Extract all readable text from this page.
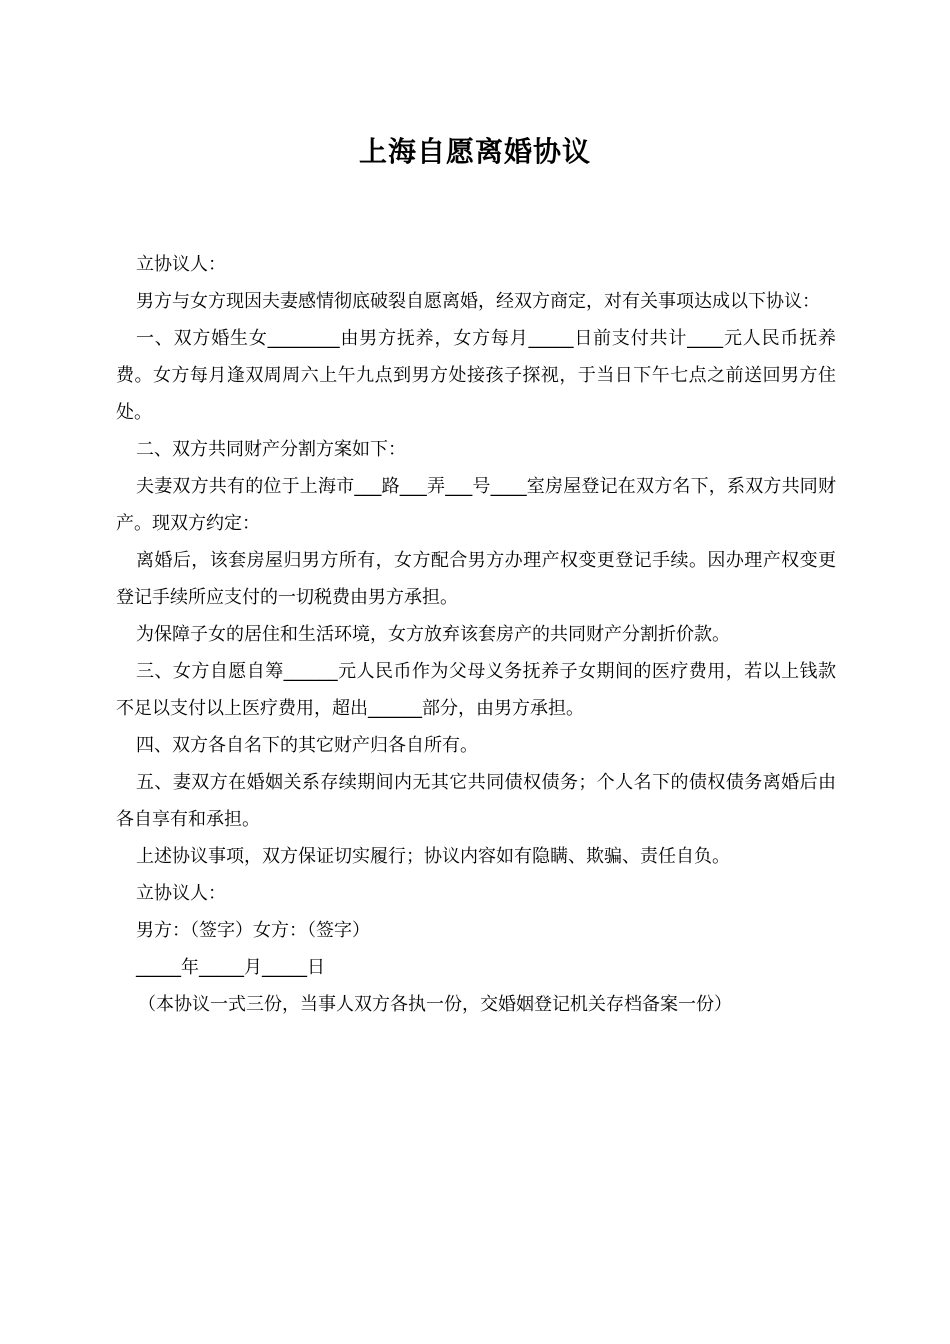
上海自愿离婚协议

立协议人：

男方与女方现因夫妻感情彻底破裂自愿离婚，经双方商定，对有关事项达成以下协议：

一、双方婚生女________由男方抚养，女方每月_____日前支付共计____元人民币抚养费。女方每月逢双周周六上午九点到男方处接孩子探视，于当日下午七点之前送回男方住处。

二、双方共同财产分割方案如下：

夫妻双方共有的位于上海市___路___弄___号____室房屋登记在双方名下，系双方共同财产。现双方约定：

离婚后，该套房屋归男方所有，女方配合男方办理产权变更登记手续。因办理产权变更登记手续所应支付的一切税费由男方承担。

为保障子女的居住和生活环境，女方放弃该套房产的共同财产分割折价款。

三、女方自愿自筹______元人民币作为父母义务抚养子女期间的医疗费用，若以上钱款不足以支付以上医疗费用，超出______部分，由男方承担。

四、双方各自名下的其它财产归各自所有。

五、妻双方在婚姻关系存续期间内无其它共同债权债务；个人名下的债权债务离婚后由各自享有和承担。

上述协议事项，双方保证切实履行；协议内容如有隐瞒、欺骗、责任自负。

立协议人：

男方：（签字）女方：（签字）

_____年_____月_____日

（本协议一式三份，当事人双方各执一份，交婚姻登记机关存档备案一份）
